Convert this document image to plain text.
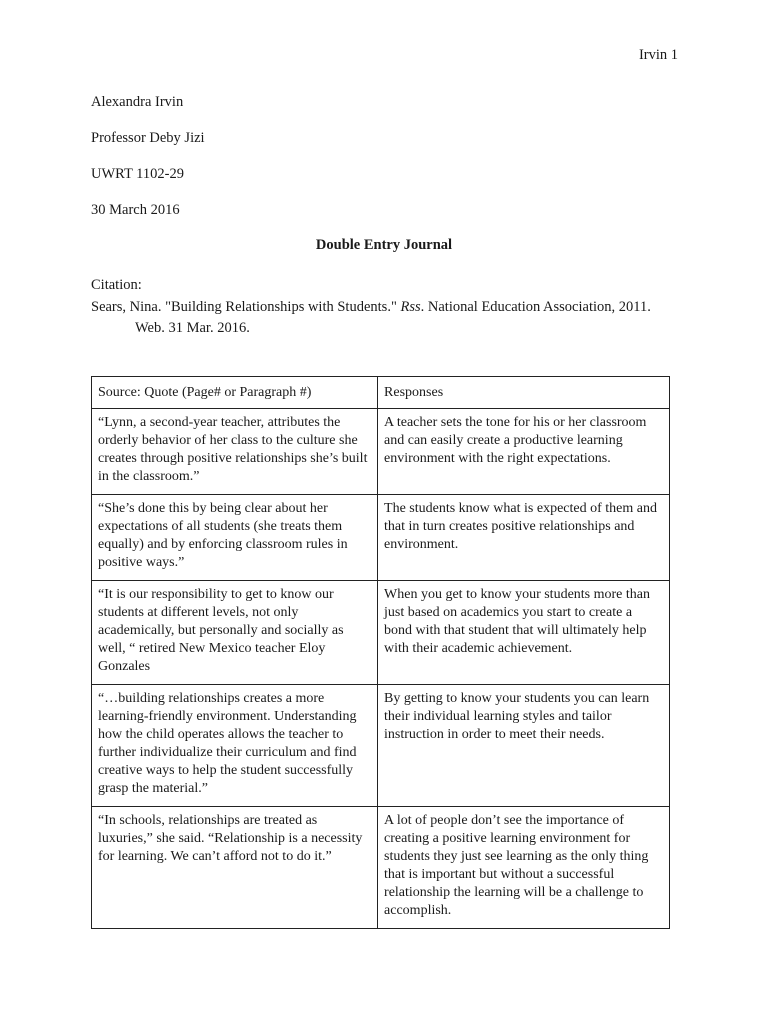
Irvin 1
Alexandra Irvin
Professor Deby Jizi
UWRT 1102-29
30 March 2016
Double Entry Journal
Citation:
Sears, Nina. "Building Relationships with Students." Rss. National Education Association, 2011.
Web. 31 Mar. 2016.
Source: Quote (Page# or Paragraph #)	Responses
“Lynn, a second-year teacher, attributes the orderly behavior of her class to the culture she creates through positive relationships she’s built in the classroom.”	A teacher sets the tone for his or her classroom and can easily create a productive learning environment with the right expectations.
“She’s done this by being clear about her expectations of all students (she treats them equally) and by enforcing classroom rules in positive ways.”	The students know what is expected of them and that in turn creates positive relationships and environment.
“It is our responsibility to get to know our students at different levels, not only academically, but personally and socially as well, “ retired New Mexico teacher Eloy Gonzales	When you get to know your students more than just based on academics you start to create a bond with that student that will ultimately help with their academic achievement.
“…building relationships creates a more learning-friendly environment. Understanding how the child operates allows the teacher to further individualize their curriculum and find creative ways to help the student successfully grasp the material.”	By getting to know your students you can learn their individual learning styles and tailor instruction in order to meet their needs.
“In schools, relationships are treated as luxuries,” she said. “Relationship is a necessity for learning. We can’t afford not to do it.”	A lot of people don’t see the importance of creating a positive learning environment for students they just see learning as the only thing that is important but without a successful relationship the learning will be a challenge to accomplish.
